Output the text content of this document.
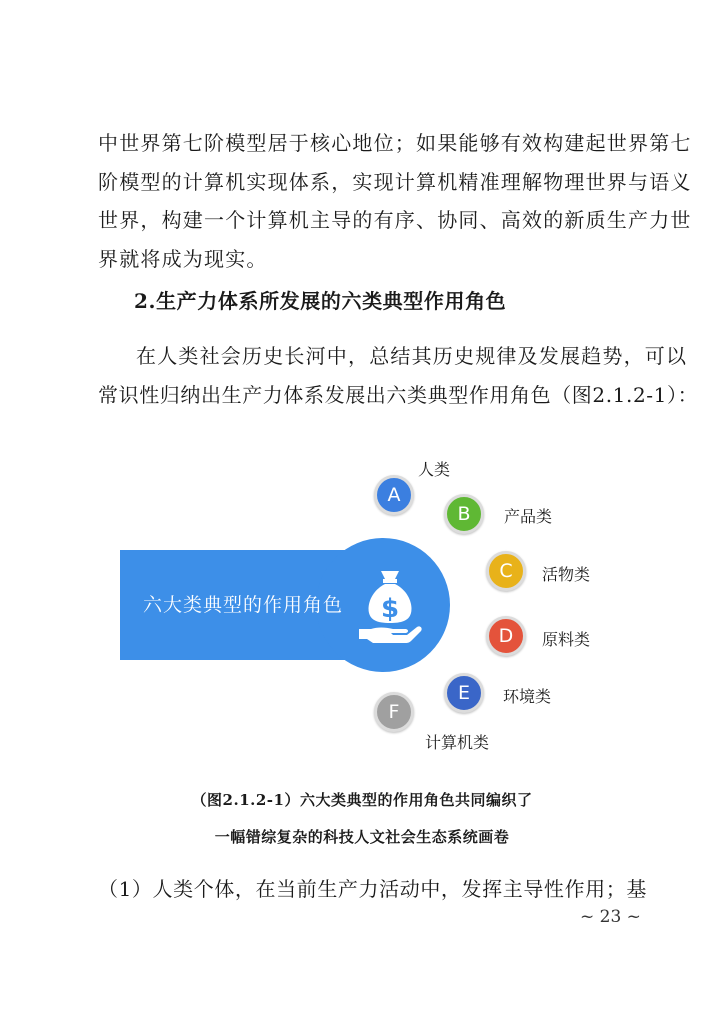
中世界第七阶模型居于核心地位；如果能够有效构建起世界第七
阶模型的计算机实现体系，实现计算机精准理解物理世界与语义
世界，构建一个计算机主导的有序、协同、高效的新质生产力世
界就将成为现实。
2.生产力体系所发展的六类典型作用角色
在人类社会历史长河中，总结其历史规律及发展趋势，可以
常识性归纳出生产力体系发展出六类典型作用角色（图2.1.2-1）：
六大类典型的作用角色 $
A
人类
B	产品类
C	活物类
D	原料类
E	环境类
F
计算机类
（图2.1.2-1）六大类典型的作用角色共同编织了
一幅错综复杂的科技人文社会生态系统画卷
（1）人类个体，在当前生产力活动中，发挥主导性作用；基
~ 23 ~
